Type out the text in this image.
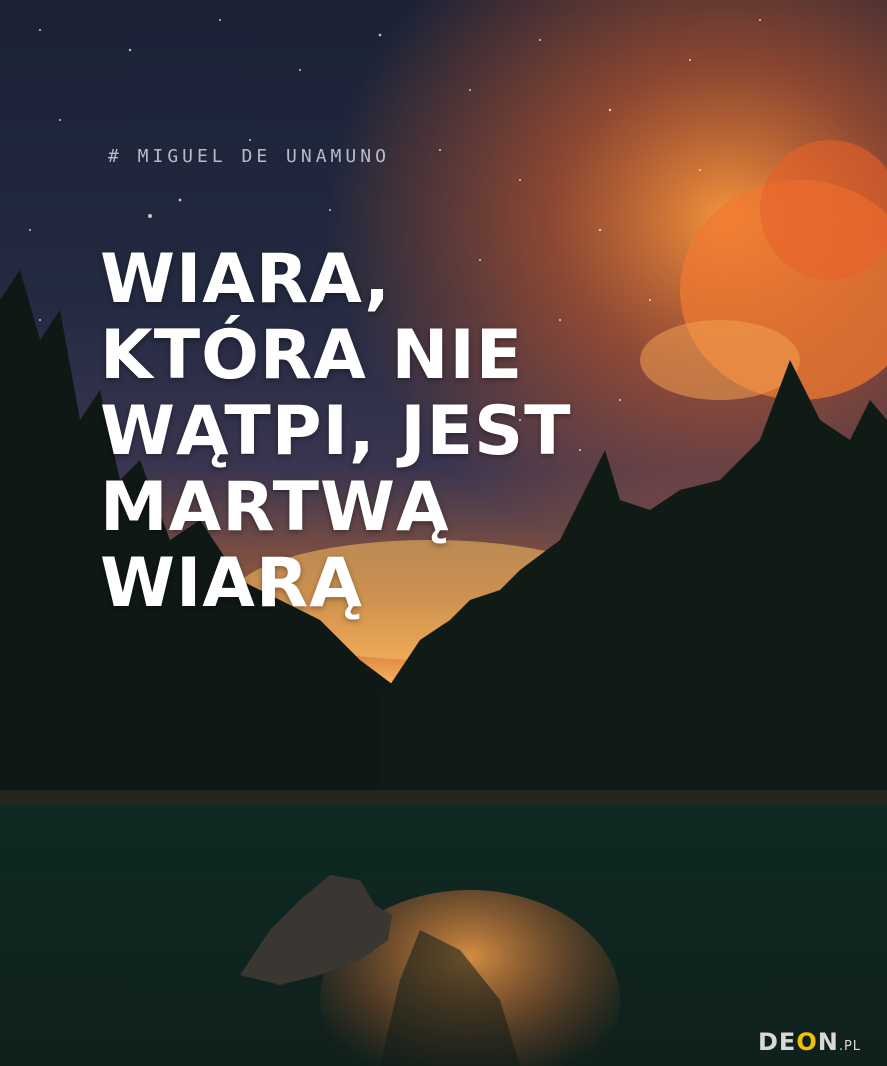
# MIGUEL DE UNAMUNO
WIARA,
KTÓRA NIE
WĄTPI, JEST
MARTWĄ
WIARĄ
DEON.PL
